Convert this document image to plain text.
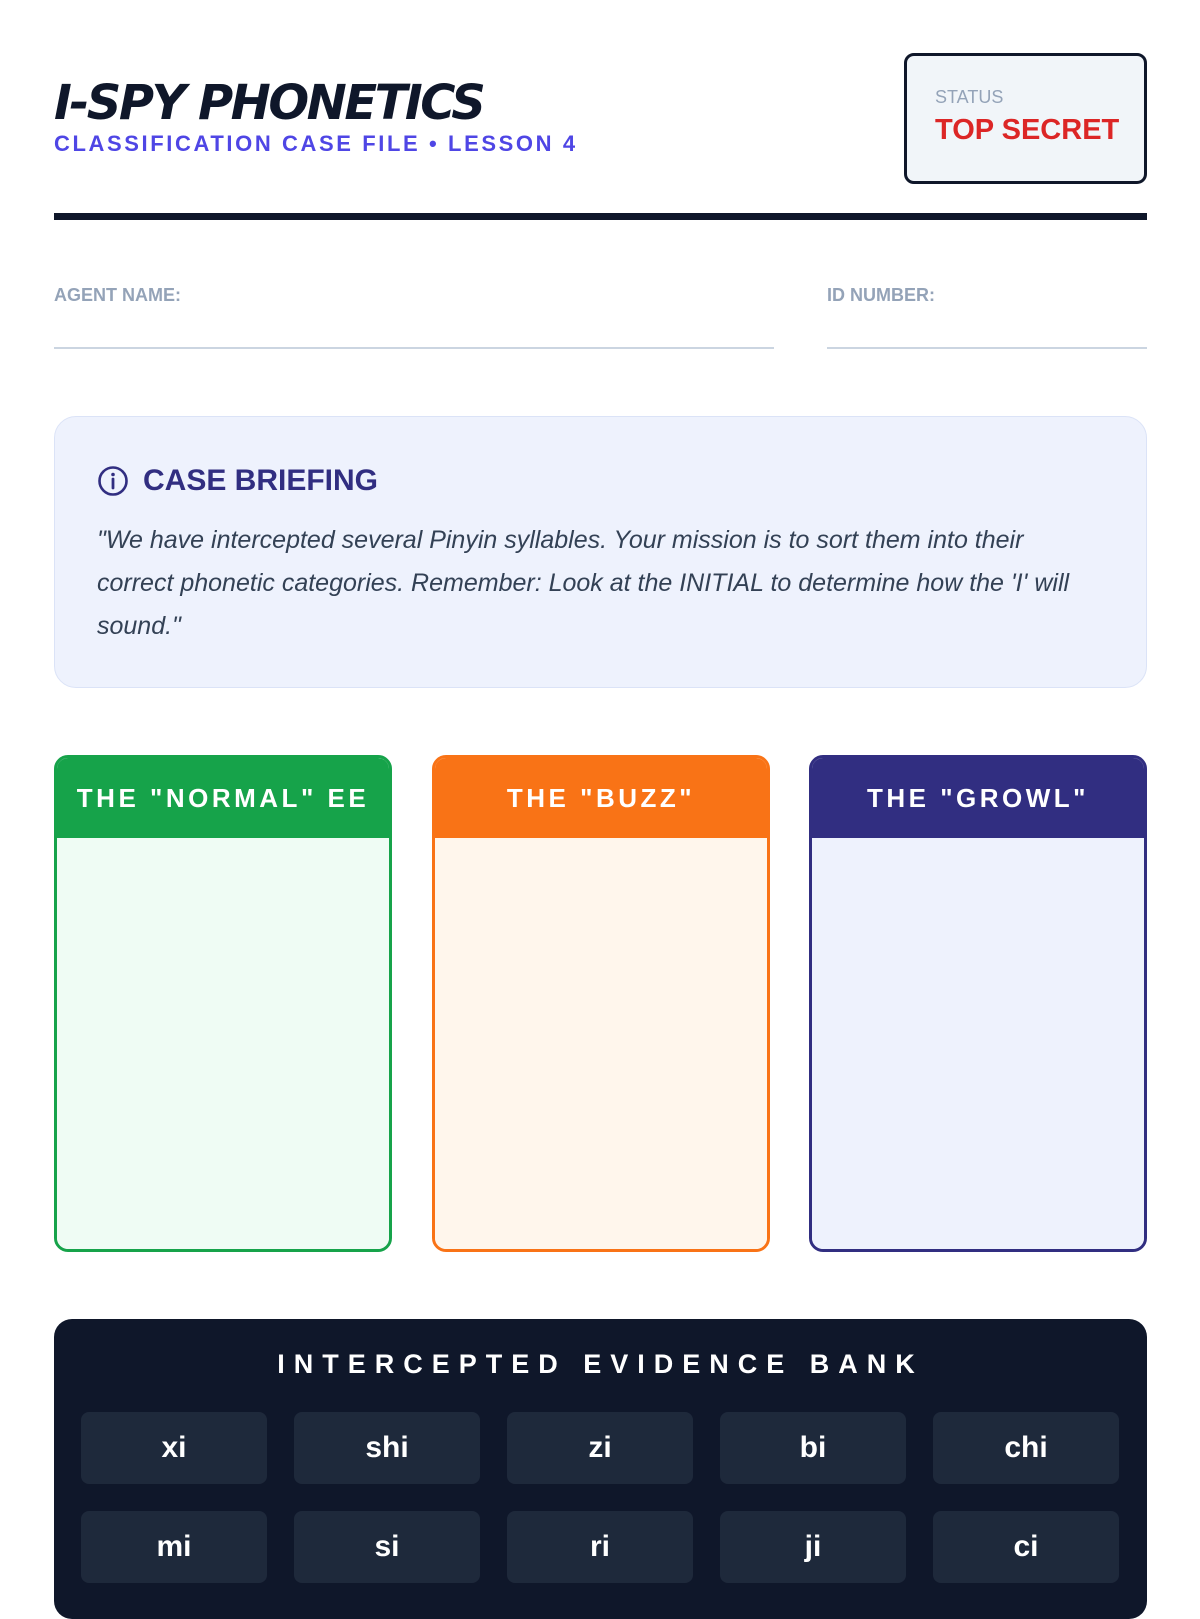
I-SPY PHONETICS
CLASSIFICATION CASE FILE • LESSON 4
STATUS
TOP SECRET
AGENT NAME:	ID NUMBER:
CASE BRIEFING
"We have intercepted several Pinyin syllables. Your mission is to sort them into their correct phonetic categories. Remember: Look at the INITIAL to determine how the 'I' will sound."
THE "NORMAL" EE	THE "BUZZ"	THE "GROWL"
INTERCEPTED EVIDENCE BANK
xi	shi	zi	bi	chi
mi	si	ri	ji	ci
